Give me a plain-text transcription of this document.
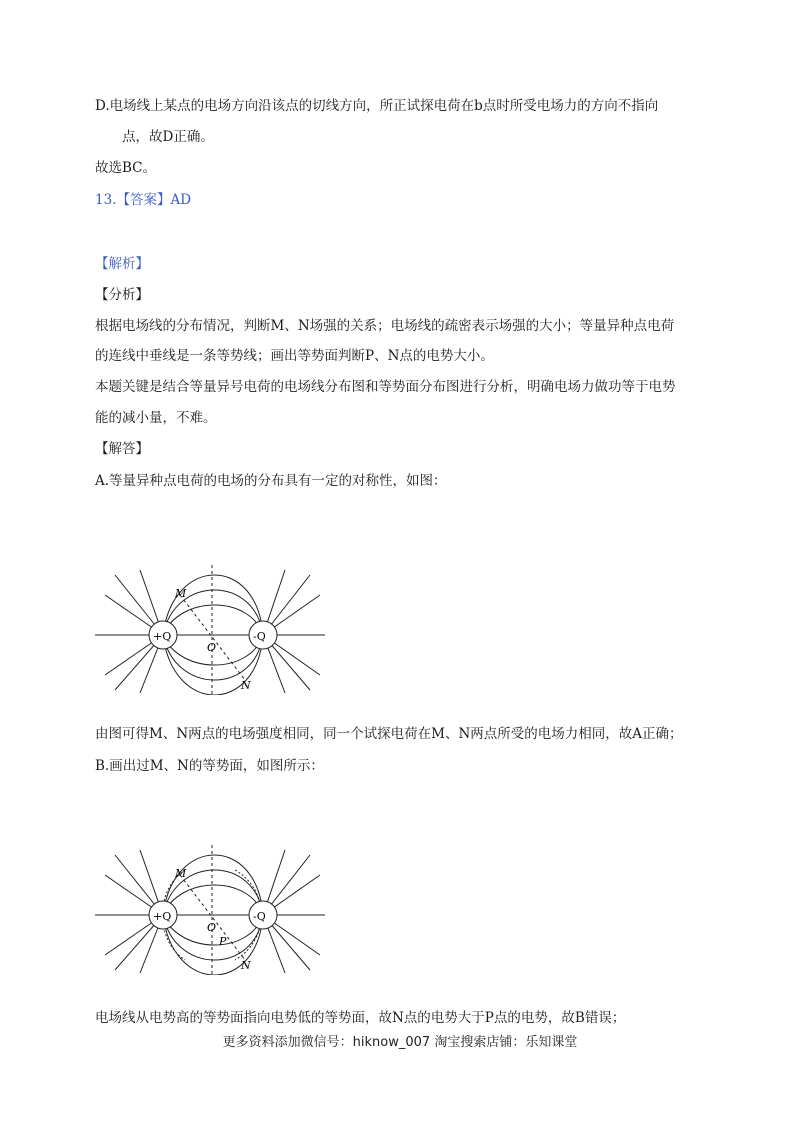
D.电场线上某点的电场方向沿该点的切线方向，所正试探电荷在b点时所受电场力的方向不指向
点，故D正确。
故选BC。
13.【答案】AD
【解析】
【分析】
根据电场线的分布情况，判断M、N场强的关系；电场线的疏密表示场强的大小；等量异种点电荷
的连线中垂线是一条等势线；画出等势面判断P、N点的电势大小。
本题关键是结合等量异号电荷的电场线分布图和等势面分布图进行分析，明确电场力做功等于电势
能的减小量，不难。
【解答】
A.等量异种点电荷的电场的分布具有一定的对称性，如图：
+Q	-Q
M
N
O
由图可得M、N两点的电场强度相同，同一个试探电荷在M、N两点所受的电场力相同，故A正确；
B.画出过M、N的等势面，如图所示：
+Q	-Q
M
N
O
P
电场线从电势高的等势面指向电势低的等势面，故N点的电势大于P点的电势，故B错误；
更多资料添加微信号：hiknow_007 淘宝搜索店铺：乐知课堂
